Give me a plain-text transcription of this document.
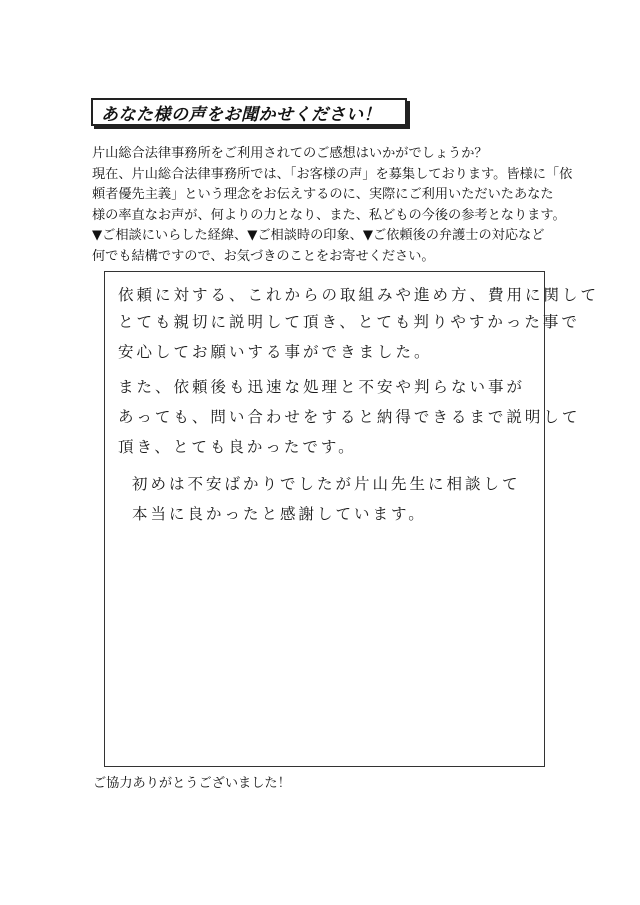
あなた様の声をお聞かせください！
片山総合法律事務所をご利用されてのご感想はいかがでしょうか？
現在、片山総合法律事務所では、「お客様の声」を募集しております。皆様に「依
頼者優先主義」という理念をお伝えするのに、実際にご利用いただいたあなた
様の率直なお声が、何よりの力となり、また、私どもの今後の参考となります。
▼ご相談にいらした経緯、▼ご相談時の印象、▼ご依頼後の弁護士の対応など
何でも結構ですので、お気づきのことをお寄せください。
依頼に対する、これからの取組みや進め方、費用に関して
とても親切に説明して頂き、とても判りやすかった事で
安心してお願いする事ができました。
また、依頼後も迅速な処理と不安や判らない事が
あっても、問い合わせをすると納得できるまで説明して
頂き、とても良かったです。
初めは不安ばかりでしたが片山先生に相談して
本当に良かったと感謝しています。
ご協力ありがとうございました！
